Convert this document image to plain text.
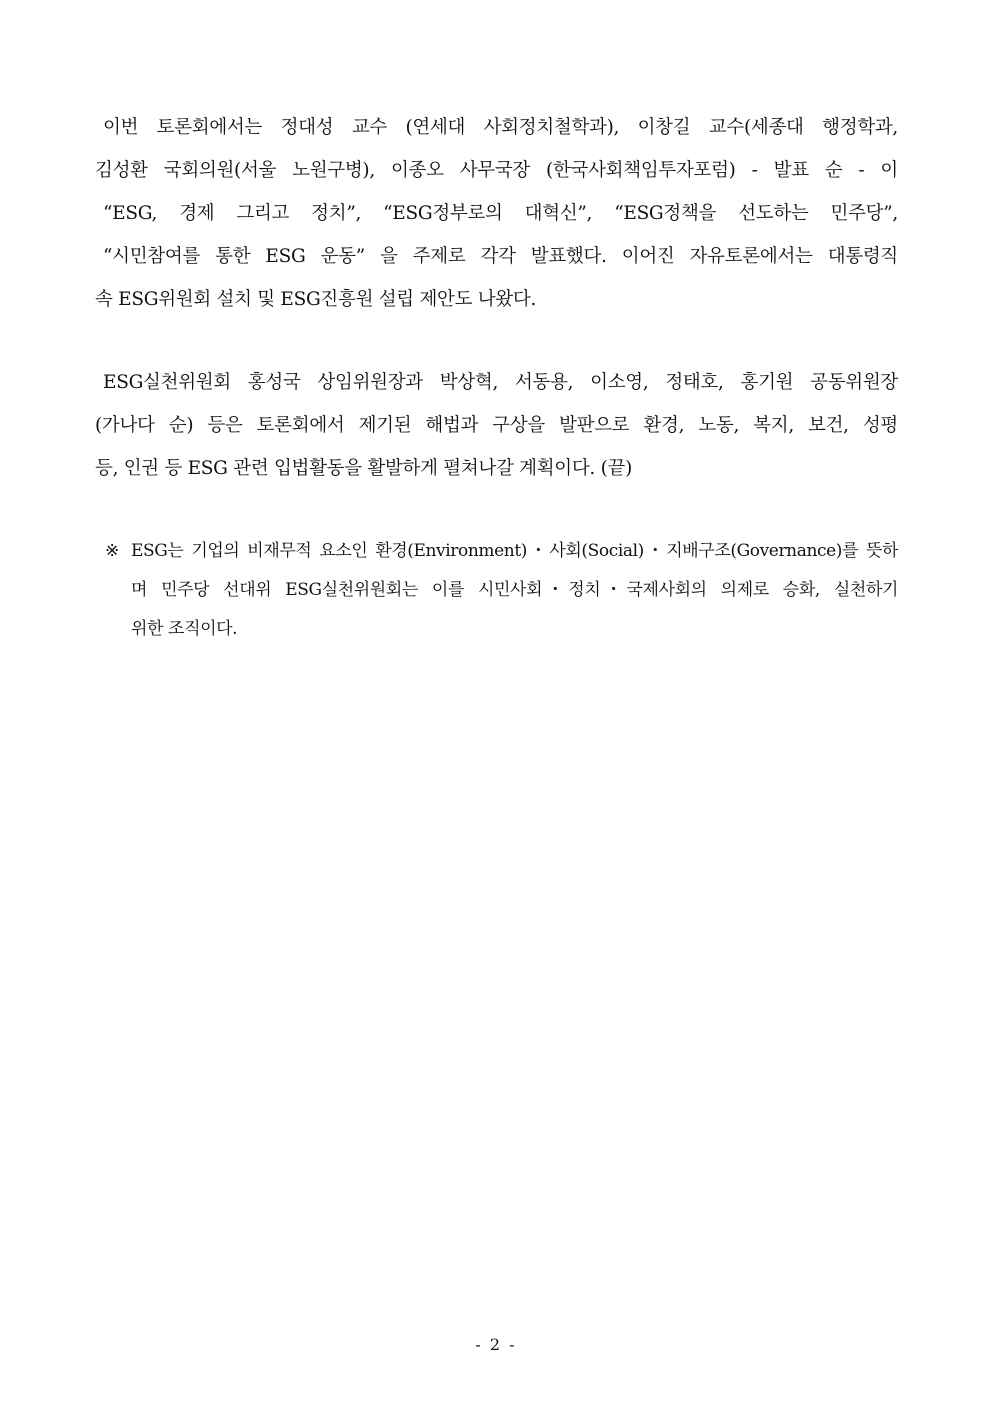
이번 토론회에서는 정대성 교수 (연세대 사회정치철학과), 이창길 교수(세종대 행정학과,
김성환 국회의원(서울 노원구병), 이종오 사무국장 (한국사회책임투자포럼) - 발표 순 - 이
“ESG, 경제 그리고 정치”, “ESG정부로의 대혁신”, “ESG정책을 선도하는 민주당”,
“시민참여를 통한 ESG 운동” 을 주제로 각각 발표했다. 이어진 자유토론에서는 대통령직
속 ESG위원회 설치 및 ESG진흥원 설립 제안도 나왔다.
ESG실천위원회 홍성국 상임위원장과 박상혁, 서동용, 이소영, 정태호, 홍기원 공동위원장
(가나다 순) 등은 토론회에서 제기된 해법과 구상을 발판으로 환경, 노동, 복지, 보건, 성평
등, 인권 등 ESG 관련 입법활동을 활발하게 펼쳐나갈 계획이다. (끝)
※ ESG는 기업의 비재무적 요소인 환경(Environment)・사회(Social)・지배구조(Governance)를 뜻하
며 민주당 선대위 ESG실천위원회는 이를 시민사회･정치･국제사회의 의제로 승화, 실천하기
위한 조직이다.
- 2 -
